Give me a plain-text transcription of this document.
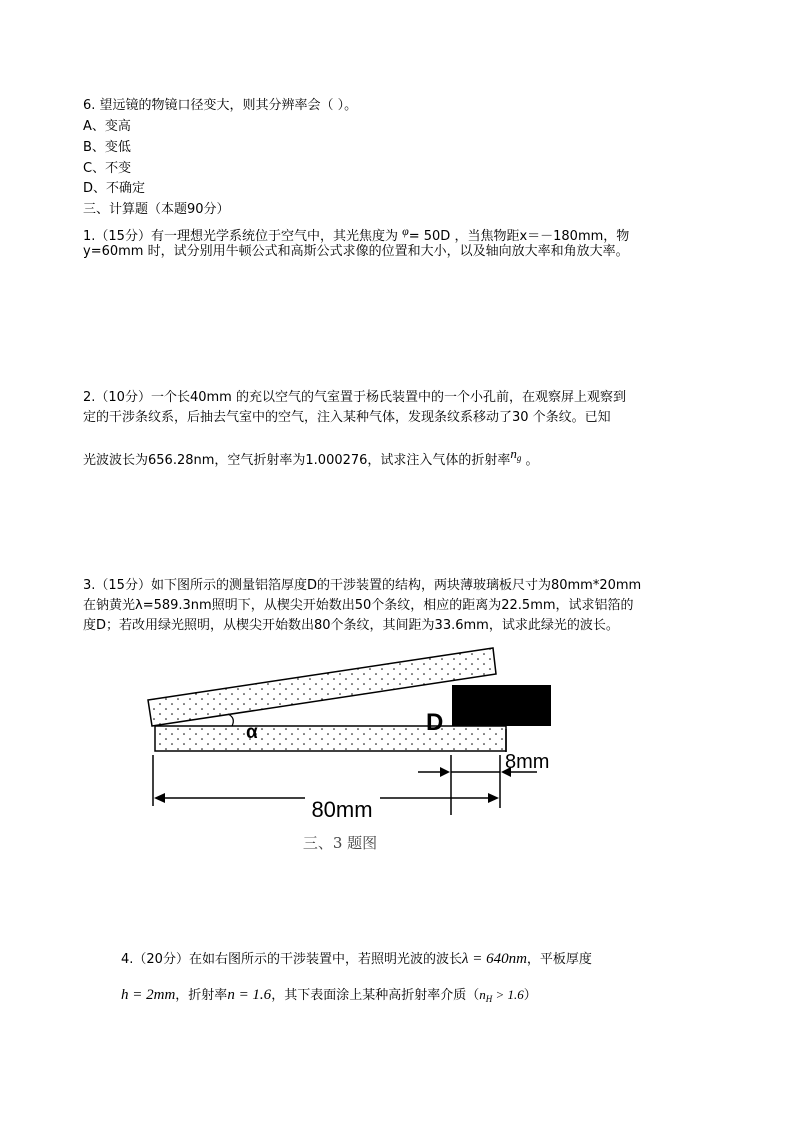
6. 望远镜的物镜口径变大，则其分辨率会（ ）。
A、变高
B、变低
C、不变
D、不确定
三、计算题（本题90分）
1.（15分）有一理想光学系统位于空气中，其光焦度为 φ= 50D ，当焦物距x＝－180mm，物
y=60mm 时，试分别用牛顿公式和高斯公式求像的位置和大小，以及轴向放大率和角放大率。
2.（10分）一个长40mm 的充以空气的气室置于杨氏装置中的一个小孔前，在观察屏上观察到
定的干涉条纹系，后抽去气室中的空气，注入某种气体，发现条纹系移动了30 个条纹。已知
光波波长为656.28nm，空气折射率为1.000276，试求注入气体的折射率$n_g$ 。
3.（15分）如下图所示的测量铝箔厚度D的干涉装置的结构，两块薄玻璃板尺寸为80mm*20mm
在钠黄光λ=589.3nm照明下，从楔尖开始数出50个条纹，相应的距离为22.5mm，试求铝箔的
度D；若改用绿光照明，从楔尖开始数出80个条纹，其间距为33.6mm，试求此绿光的波长。
α	D
8mm
80mm
三、3 题图
4.（20分）在如右图所示的干涉装置中，若照明光波的波长λ = 640nm，平板厚度
h = 2mm，折射率n = 1.6，其下表面涂上某种高折射率介质$(n_H > 1.6)$
